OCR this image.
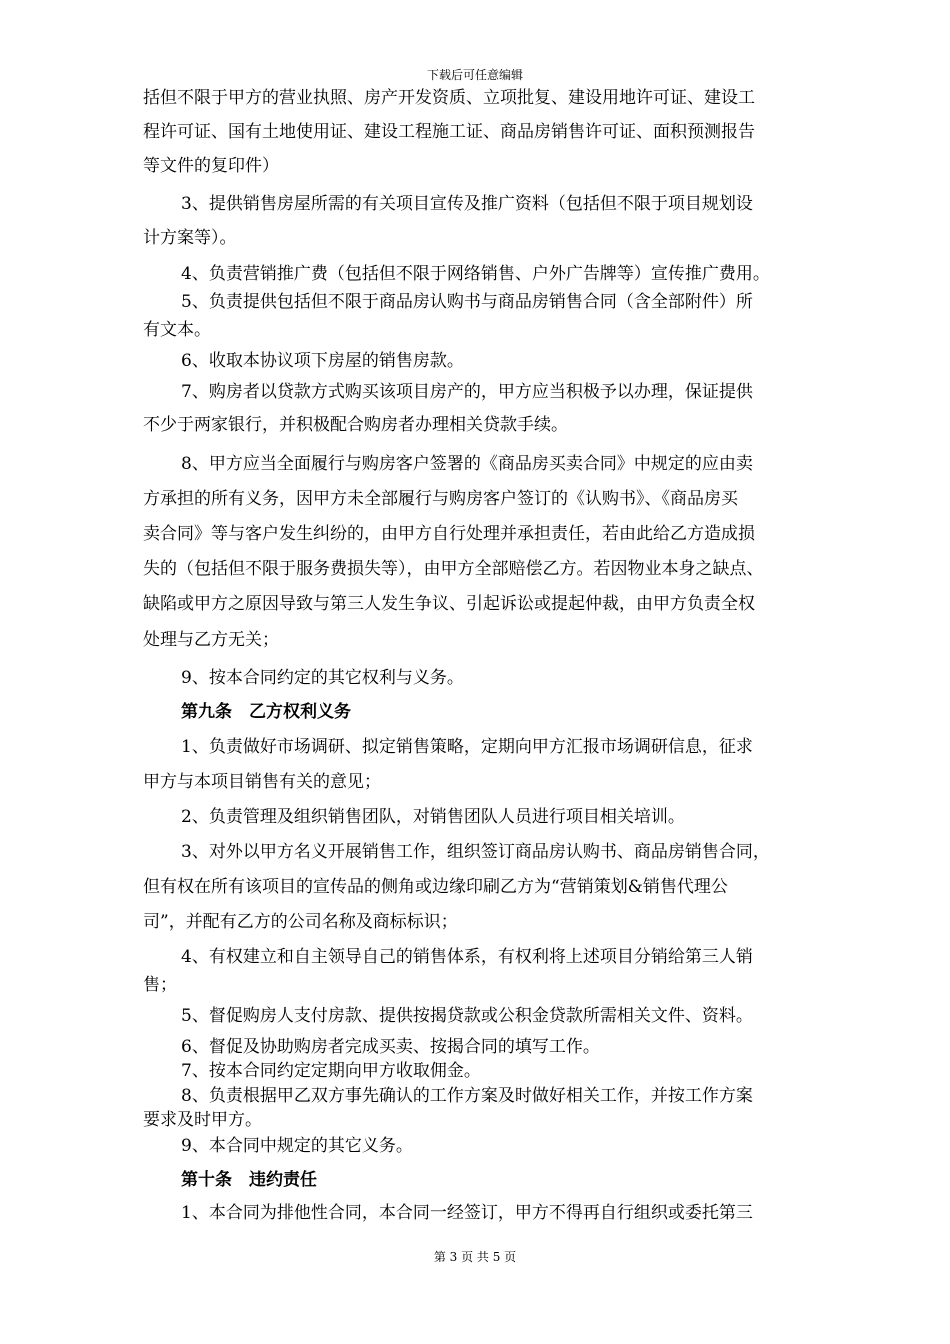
下载后可任意编辑
括但不限于甲方的营业执照、房产开发资质、立项批复、建设用地许可证、建设工
程许可证、国有土地使用证、建设工程施工证、商品房销售许可证、面积预测报告
等文件的复印件）
3、提供销售房屋所需的有关项目宣传及推广资料（包括但不限于项目规划设
计方案等）。
4、负责营销推广费（包括但不限于网络销售、户外广告牌等）宣传推广费用。
5、负责提供包括但不限于商品房认购书与商品房销售合同（含全部附件）所
有文本。
6、收取本协议项下房屋的销售房款。
7、购房者以贷款方式购买该项目房产的，甲方应当积极予以办理，保证提供
不少于两家银行，并积极配合购房者办理相关贷款手续。
8、甲方应当全面履行与购房客户签署的《商品房买卖合同》中规定的应由卖
方承担的所有义务，因甲方未全部履行与购房客户签订的《认购书》、《商品房买
卖合同》等与客户发生纠纷的，由甲方自行处理并承担责任，若由此给乙方造成损
失的（包括但不限于服务费损失等），由甲方全部赔偿乙方。若因物业本身之缺点、
缺陷或甲方之原因导致与第三人发生争议、引起诉讼或提起仲裁，由甲方负责全权
处理与乙方无关；
9、按本合同约定的其它权利与义务。
第九条　乙方权利义务
1、负责做好市场调研、拟定销售策略，定期向甲方汇报市场调研信息，征求
甲方与本项目销售有关的意见；
2、负责管理及组织销售团队，对销售团队人员进行项目相关培训。
3、对外以甲方名义开展销售工作，组织签订商品房认购书、商品房销售合同，
但有权在所有该项目的宣传品的侧角或边缘印刷乙方为“营销策划&销售代理公
司”，并配有乙方的公司名称及商标标识；
4、有权建立和自主领导自己的销售体系，有权利将上述项目分销给第三人销
售；
5、督促购房人支付房款、提供按揭贷款或公积金贷款所需相关文件、资料。
6、督促及协助购房者完成买卖、按揭合同的填写工作。
7、按本合同约定定期向甲方收取佣金。
8、负责根据甲乙双方事先确认的工作方案及时做好相关工作，并按工作方案
要求及时甲方。
9、本合同中规定的其它义务。
第十条　违约责任
1、本合同为排他性合同，本合同一经签订，甲方不得再自行组织或委托第三
第 3 页 共 5 页
